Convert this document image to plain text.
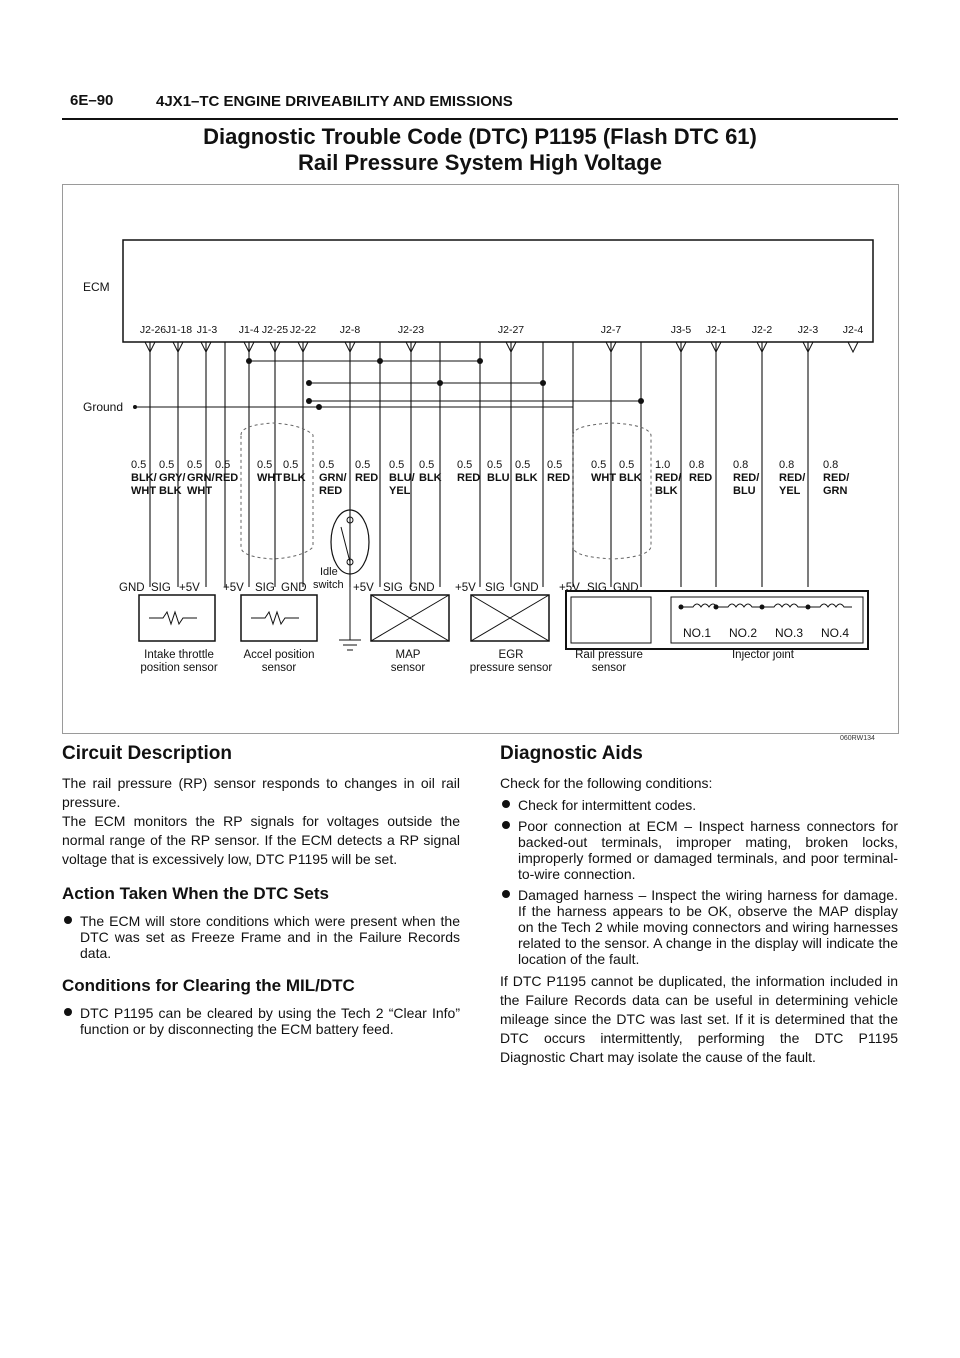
6E–90	4JX1–TC ENGINE DRIVEABILITY AND EMISSIONS
Diagnostic Trouble Code (DTC) P1195 (Flash DTC 61)
Rail Pressure System High Voltage
ECM
Ground
J2-26 J1-18 J1-3 J1-4 J2-25 J2-22 J2-8	J2-23	J2-27	J2-7	J3-5 J2-1 J2-2 J2-3 J2-4
0.5
BLK/
WHT
0.5
GRY/
BLK
0.5
GRN/
WHT
0.5
RED
0.5
WHT
0.5
BLK
0.5
GRN/
RED
0.5
RED
0.5
BLU/
YEL
0.5
BLK
0.5
RED
0.5
BLU
0.5
BLK
0.5
RED
0.5
WHT
0.5
BLK
1.0
RED/
BLK
0.8
RED
0.8
RED/
BLU
0.8
RED/
YEL
0.8
RED/
GRN
GND SIG +5V +5V SIG GND	+5V SIG GND +5V SIG GND +5V SIG GND
Idle
switch
NO.1 NO.2 NO.3 NO.4
Intake throttle
position sensor
Accel position
sensor
MAP
sensor
EGR
pressure sensor
Rail pressure
sensor
Injector joint
060RW134
Circuit Description

The rail pressure (RP) sensor responds to changes in oil rail pressure.

The ECM monitors the RP signals for voltages outside the normal range of the RP sensor. If the ECM detects a RP signal voltage that is excessively low, DTC P1195 will be set.

Action Taken When the DTC Sets
The ECM will store conditions which were present when the DTC was set as Freeze Frame and in the Failure Records data.
Conditions for Clearing the MIL/DTC
DTC P1195 can be cleared by using the Tech 2 “Clear Info” function or by disconnecting the ECM battery feed.
Diagnostic Aids

Check for the following conditions:

Check for intermittent codes.
Poor connection at ECM – Inspect harness connectors for backed-out terminals, improper mating, broken locks, improperly formed or damaged terminals, and poor terminal-to-wire connection.
Damaged harness – Inspect the wiring harness for damage. If the harness appears to be OK, observe the MAP display on the Tech 2 while moving connectors and wiring harnesses related to the sensor. A change in the display will indicate the location of the fault.

If DTC P1195 cannot be duplicated, the information included in the Failure Records data can be useful in determining vehicle mileage since the DTC was last set. If it is determined that the DTC occurs intermittently, performing the DTC P1195 Diagnostic Chart may isolate the cause of the fault.
